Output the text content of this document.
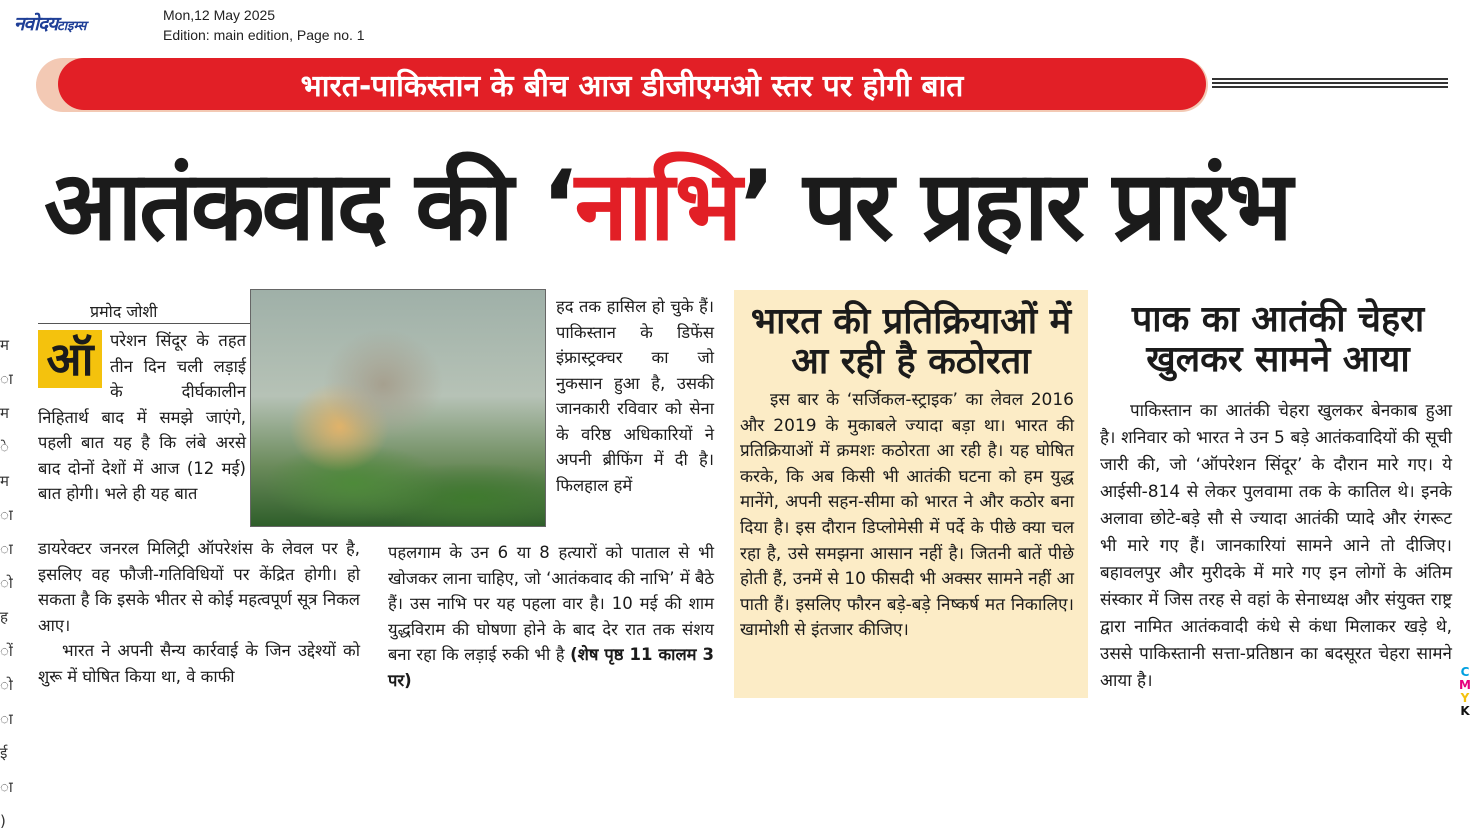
नवोदयटाइम्स
Mon,12 May 2025
Edition: main edition, Page no. 1
भारत-पाकिस्तान के बीच आज डीजीएमओ स्तर पर होगी बात
आतंकवाद की ‘नाभि’ पर प्रहार प्रारंभ
म
ा
म
े
म
ा
ा
ो
ह
ों
ो
ा
ई
ा
)
प्रमोद जोशी
ऑ परेशन सिंदूर के तहत तीन दिन चली लड़ाई के दीर्घकालीन निहितार्थ बाद में समझे जाएंगे, पहली बात यह है कि लंबे अरसे बाद दोनों देशों में आज (12 मई) बात होगी। भले ही यह बात
डायरेक्टर जनरल मिलिट्री ऑपरेशंस के लेवल पर है, इसलिए वह फौजी-गतिविधियों पर केंद्रित होगी। हो सकता है कि इसके भीतर से कोई महत्वपूर्ण सूत्र निकल आए।
भारत ने अपनी सैन्य कार्रवाई के जिन उद्देश्यों को शुरू में घोषित किया था, वे काफी
हद तक हासिल हो चुके हैं। पाकिस्तान के डिफेंस इंफ्रास्ट्रक्चर का जो नुकसान हुआ है, उसकी जानकारी रविवार को सेना के वरिष्ठ अधिकारियों ने अपनी ब्रीफिंग में दी है। फिलहाल हमें
पहलगाम के उन 6 या 8 हत्यारों को पाताल से भी खोजकर लाना चाहिए, जो ‘आतंकवाद की नाभि’ में बैठे हैं। उस नाभि पर यह पहला वार है। 10 मई की शाम युद्धविराम की घोषणा होने के बाद देर रात तक संशय बना रहा कि लड़ाई रुकी भी है (शेष पृष्ठ 11 कालम 3 पर)
भारत की प्रतिक्रियाओं में आ रही है कठोरता
इस बार के ‘सर्जिकल-स्ट्राइक’ का लेवल 2016 और 2019 के मुकाबले ज्यादा बड़ा था। भारत की प्रतिक्रियाओं में क्रमशः कठोरता आ रही है। यह घोषित करके, कि अब किसी भी आतंकी घटना को हम युद्ध मानेंगे, अपनी सहन-सीमा को भारत ने और कठोर बना दिया है। इस दौरान डिप्लोमेसी में पर्दे के पीछे क्या चल रहा है, उसे समझना आसान नहीं है। जितनी बातें पीछे होती हैं, उनमें से 10 फीसदी भी अक्सर सामने नहीं आ पाती हैं। इसलिए फौरन बड़े-बड़े निष्कर्ष मत निकालिए। खामोशी से इंतजार कीजिए।
पाक का आतंकी चेहरा खुलकर सामने आया
पाकिस्तान का आतंकी चेहरा खुलकर बेनकाब हुआ है। शनिवार को भारत ने उन 5 बड़े आतंकवादियों की सूची जारी की, जो ‘ऑपरेशन सिंदूर’ के दौरान मारे गए। ये आईसी-814 से लेकर पुलवामा तक के कातिल थे। इनके अलावा छोटे-बड़े सौ से ज्यादा आतंकी प्यादे और रंगरूट भी मारे गए हैं। जानकारियां सामने आने तो दीजिए। बहावलपुर और मुरीदके में मारे गए इन लोगों के अंतिम संस्कार में जिस तरह से वहां के सेनाध्यक्ष और संयुक्त राष्ट्र द्वारा नामित आतंकवादी कंधे से कंधा मिलाकर खड़े थे, उससे पाकिस्तानी सत्ता-प्रतिष्ठान का बदसूरत चेहरा सामने आया है।	C
M
Y
K
